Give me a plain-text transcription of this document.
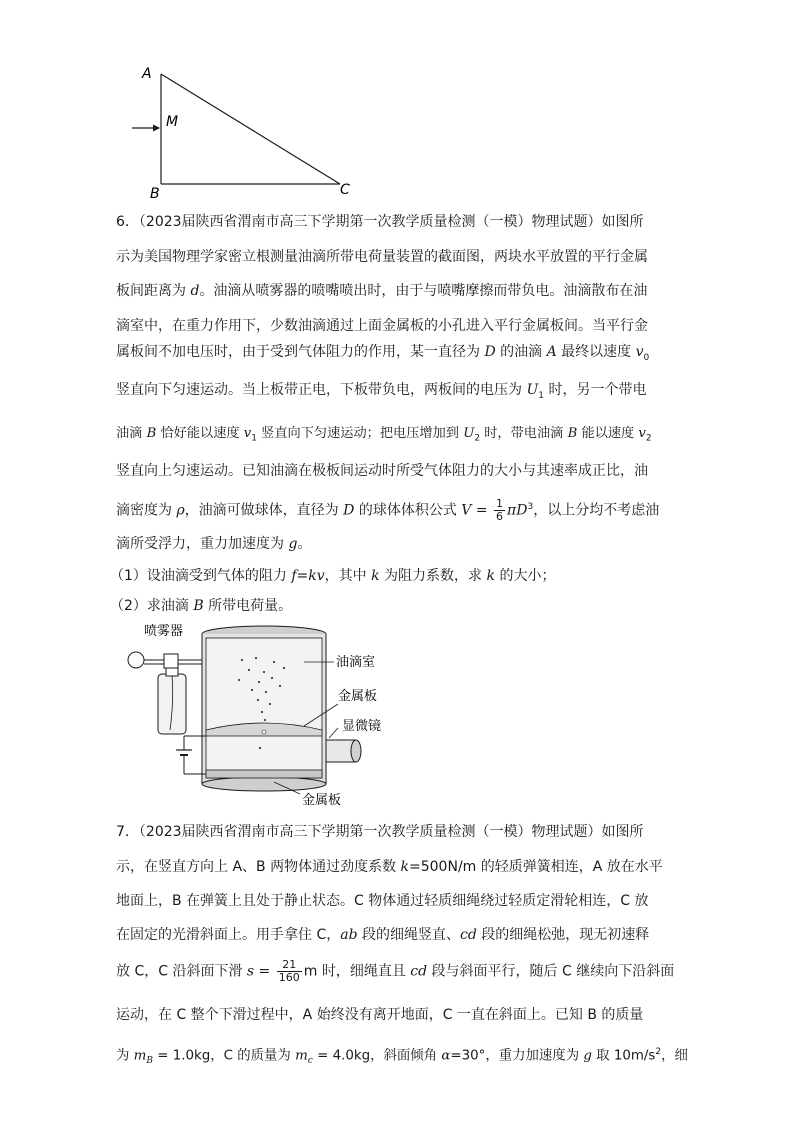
A
M
B	C
6．（2023届陕西省渭南市高三下学期第一次教学质量检测（一模）物理试题）如图所
示为美国物理学家密立根测量油滴所带电荷量装置的截面图，两块水平放置的平行金属
板间距离为 d。油滴从喷雾器的喷嘴喷出时，由于与喷嘴摩擦而带负电。油滴散布在油
滴室中，在重力作用下，少数油滴通过上面金属板的小孔进入平行金属板间。当平行金
属板间不加电压时，由于受到气体阻力的作用，某一直径为 D 的油滴 A 最终以速度 $v_0$
竖直向下匀速运动。当上板带正电，下板带负电，两板间的电压为 $U_1$ 时，另一个带电
油滴 B 恰好能以速度 $v_1$ 竖直向下匀速运动；把电压增加到 $U_2$ 时，带电油滴 B 能以速度 $v_2$
竖直向上匀速运动。已知油滴在极板间运动时所受气体阻力的大小与其速率成正比，油
滴密度为 ρ，油滴可做球体，直径为 D 的球体体积公式 $V = \frac{1}{6} \pi D^3$，以上分均不考虑油
滴所受浮力，重力加速度为 g。
（1）设油滴受到气体的阻力 f=kv，其中 k 为阻力系数，求 k 的大小；
（2）求油滴 B 所带电荷量。
喷雾器
油滴室
金属板
显微镜
金属板
7．（2023届陕西省渭南市高三下学期第一次教学质量检测（一模）物理试题）如图所
示，在竖直方向上 A、B 两物体通过劲度系数 k=500N/m 的轻质弹簧相连，A 放在水平
地面上，B 在弹簧上且处于静止状态。C 物体通过轻质细绳绕过轻质定滑轮相连，C 放
在固定的光滑斜面上。用手拿住 C，ab 段的细绳竖直、cd 段的细绳松弛，现无初速释
放 C，C 沿斜面下滑 $s = \frac{21}{160}$ m 时，细绳直且 cd 段与斜面平行，随后 C 继续向下沿斜面
运动，在 C 整个下滑过程中，A 始终没有离开地面，C 一直在斜面上。已知 B 的质量
为 $m_B = 1.0kg$，C 的质量为 $m_c = 4.0kg$，斜面倾角 α=30°，重力加速度为 g 取 $10m/s^2$，细
